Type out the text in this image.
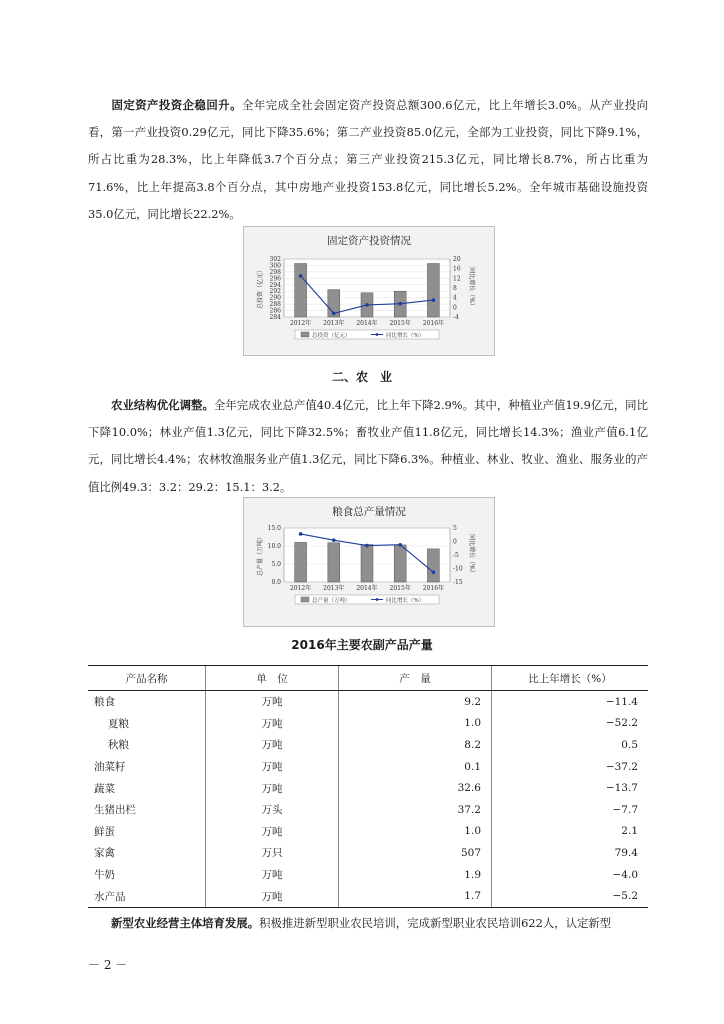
固定资产投资企稳回升。全年完成全社会固定资产投资总额300.6亿元，比上年增长3.0%。从产业投向看，第一产业投资0.29亿元，同比下降35.6%；第二产业投资85.0亿元，全部为工业投资，同比下降9.1%，所占比重为28.3%，比上年降低3.7个百分点；第三产业投资215.3亿元，同比增长8.7%，所占比重为71.6%，比上年提高3.8个百分点，其中房地产业投资153.8亿元，同比增长5.2%。全年城市基础设施投资35.0亿元，同比增长22.2%。

固定资产投资情况
302
300
298
296
294
292
290
288
286
284
20
16
12
8
4
0
-4
总投资（亿元）	同比增长（%）
2012年 2013年 2014年 2015年 2016年
总投资（亿元）	同比增长（%）
二、农　业

农业结构优化调整。全年完成农业总产值40.4亿元，比上年下降2.9%。其中，种植业产值19.9亿元，同比下降10.0%；林业产值1.3亿元，同比下降32.5%；畜牧业产值11.8亿元，同比增长14.3%；渔业产值6.1亿元，同比增长4.4%；农林牧渔服务业产值1.3亿元，同比下降6.3%。种植业、林业、牧业、渔业、服务业的产值比例49.3：3.2：29.2：15.1：3.2。

粮食总产量情况
15.0
10.0
5.0
0.0
5
0
-5
-10
-15
总产量（万吨）	同比增长（%）
2012年 2013年 2014年 2015年 2016年
总产量（万吨）	同比增长（%）
2016年主要农副产品产量
产品名称	单　位	产　量	比上年增长（%）
粮食	万吨	9.2	−11.4
夏粮	万吨	1.0	−52.2
秋粮	万吨	8.2	0.5
油菜籽	万吨	0.1	−37.2
蔬菜	万吨	32.6	−13.7
生猪出栏	万头	37.2	−7.7
鲜蛋	万吨	1.0	2.1
家禽	万只	507	79.4
牛奶	万吨	1.9	−4.0
水产品	万吨	1.7	−5.2

新型农业经营主体培育发展。积极推进新型职业农民培训，完成新型职业农民培训622人，认定新型

－ 2 －
